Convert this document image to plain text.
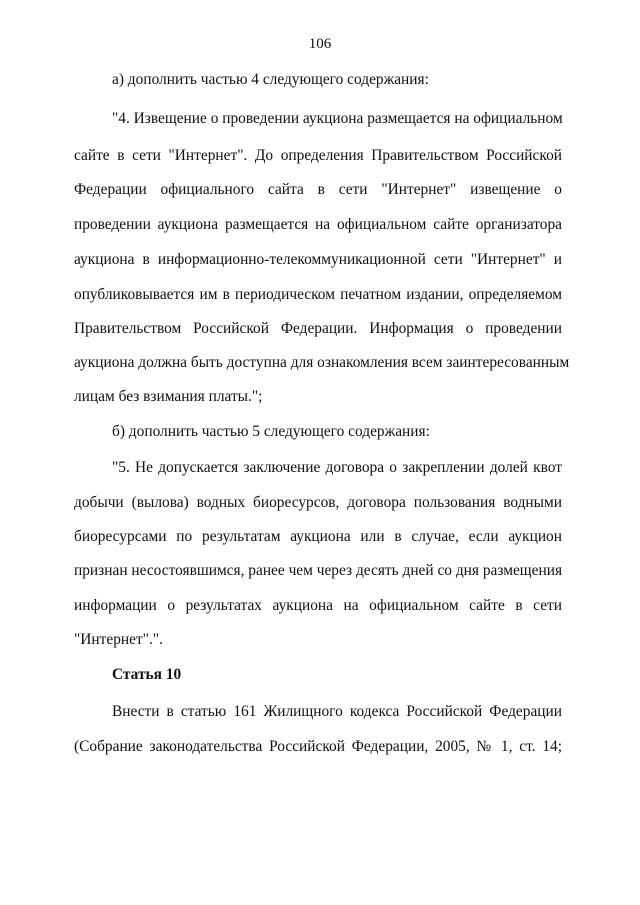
106
а) дополнить частью 4 следующего содержания:
"4. Извещение о проведении аукциона размещается на официальном
сайте в сети "Интернет". До определения Правительством Российской
Федерации официального сайта в сети "Интернет" извещение о
проведении аукциона размещается на официальном сайте организатора
аукциона в информационно-телекоммуникационной сети "Интернет" и
опубликовывается им в периодическом печатном издании, определяемом
Правительством Российской Федерации. Информация о проведении
аукциона должна быть доступна для ознакомления всем заинтересованным
лицам без взимания платы.";
б) дополнить частью 5 следующего содержания:
"5. Не допускается заключение договора о закреплении долей квот
добычи (вылова) водных биоресурсов, договора пользования водными
биоресурсами по результатам аукциона или в случае, если аукцион
признан несостоявшимся, ранее чем через десять дней со дня размещения
информации о результатах аукциона на официальном сайте в сети
"Интернет".".
Статья 10
Внести в статью 161 Жилищного кодекса Российской Федерации
(Собрание законодательства Российской Федерации, 2005, № 1, ст. 14;
